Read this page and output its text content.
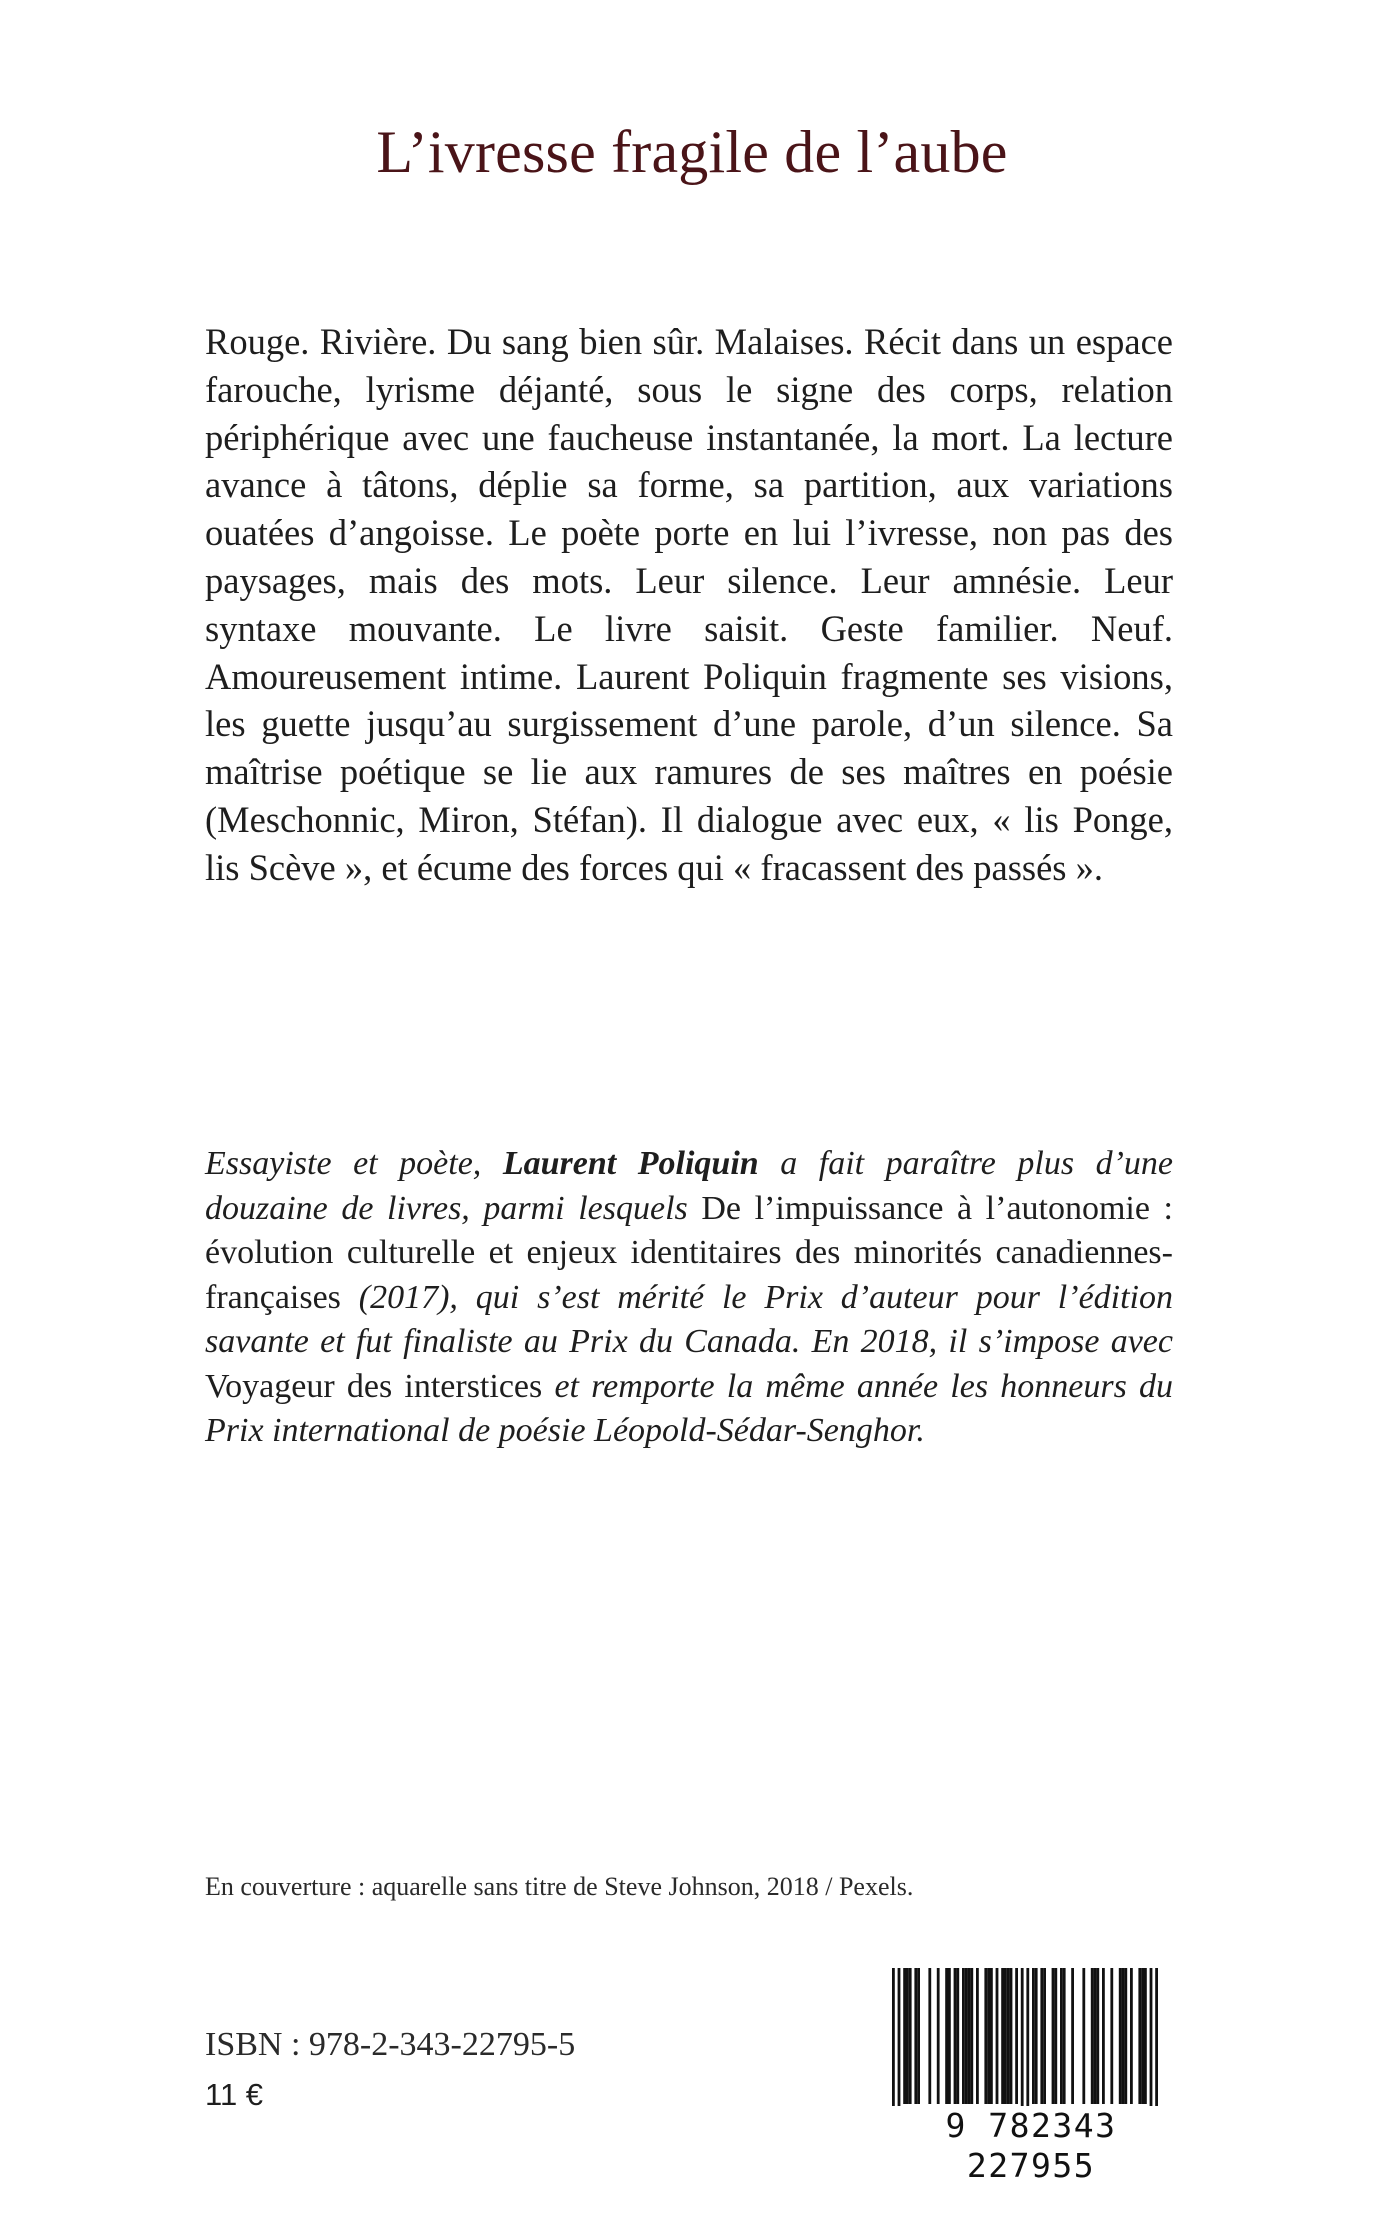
L’ivresse fragile de l’aube

Rouge. Rivière. Du sang bien sûr. Malaises. Récit dans un espace farouche, lyrisme déjanté, sous le signe des corps, relation périphérique avec une faucheuse instantanée, la mort. La lecture avance à tâtons, déplie sa forme, sa partition, aux variations ouatées d’angoisse. Le poète porte en lui l’ivresse, non pas des paysages, mais des mots. Leur silence. Leur amnésie. Leur syntaxe mouvante. Le livre saisit. Geste familier. Neuf. Amoureusement intime. Laurent Poliquin fragmente ses visions, les guette jusqu’au surgissement d’une parole, d’un silence. Sa maîtrise poétique se lie aux ramures de ses maîtres en poésie (Meschonnic, Miron, Stéfan). Il dialogue avec eux, « lis Ponge, lis Scève », et écume des forces qui « fracassent des passés ».

Essayiste et poète, Laurent Poliquin a fait paraître plus d’une douzaine de livres, parmi lesquels De l’impuissance à l’autonomie : évolution culturelle et enjeux identitaires des minorités canadiennes-françaises (2017), qui s’est mérité le Prix d’auteur pour l’édition savante et fut finaliste au Prix du Canada. En 2018, il s’impose avec Voyageur des interstices et remporte la même année les honneurs du Prix international de poésie Léopold-Sédar-Senghor.

En couverture : aquarelle sans titre de Steve Johnson, 2018 / Pexels.

ISBN : 978-2-343-22795-5

11 €

9 782343 227955
